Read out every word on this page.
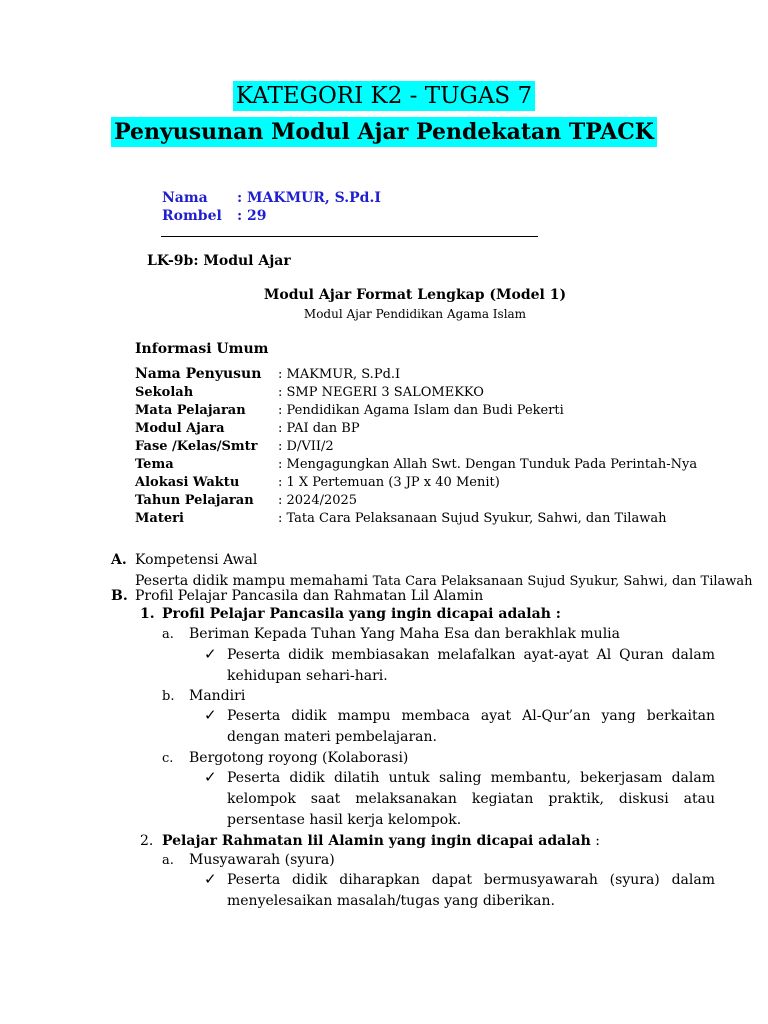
KATEGORI K2 - TUGAS 7
Penyusunan Modul Ajar Pendekatan TPACK
Nama : MAKMUR, S.Pd.I
Rombel : 29
LK-9b: Modul Ajar
Modul Ajar Format Lengkap (Model 1)
Modul Ajar Pendidikan Agama Islam
Informasi Umum
Nama Penyusun : MAKMUR, S.Pd.I
Sekolah	: SMP NEGERI 3 SALOMEKKO
Mata Pelajaran : Pendidikan Agama Islam dan Budi Pekerti
Modul Ajara	: PAI dan BP
Fase /Kelas/Smtr : D/VII/2
Tema	: Mengagungkan Allah Swt. Dengan Tunduk Pada Perintah-Nya
Alokasi Waktu	: 1 X Pertemuan (3 JP x 40 Menit)
Tahun Pelajaran : 2024/2025
Materi	: Tata Cara Pelaksanaan Sujud Syukur, Sahwi, dan Tilawah
A. Kompetensi Awal
Peserta didik mampu memahami Tata Cara Pelaksanaan Sujud Syukur, Sahwi, dan Tilawah
B. Profil Pelajar Pancasila dan Rahmatan Lil Alamin
1. Profil Pelajar Pancasila yang ingin dicapai adalah :
a. Beriman Kepada Tuhan Yang Maha Esa dan berakhlak mulia
✓ Peserta didik membiasakan melafalkan ayat-ayat Al Quran dalam kehidupan sehari-hari.
b. Mandiri
✓ Peserta didik mampu membaca ayat Al-Qur’an yang berkaitan dengan materi pembelajaran.
c. Bergotong royong (Kolaborasi)
✓ Peserta didik dilatih untuk saling membantu, bekerjasam dalam kelompok saat melaksanakan kegiatan praktik, diskusi atau persentase hasil kerja kelompok.
2. Pelajar Rahmatan lil Alamin yang ingin dicapai adalah :
a. Musyawarah (syura)
✓ Peserta didik diharapkan dapat bermusyawarah (syura) dalam menyelesaikan masalah/tugas yang diberikan.
